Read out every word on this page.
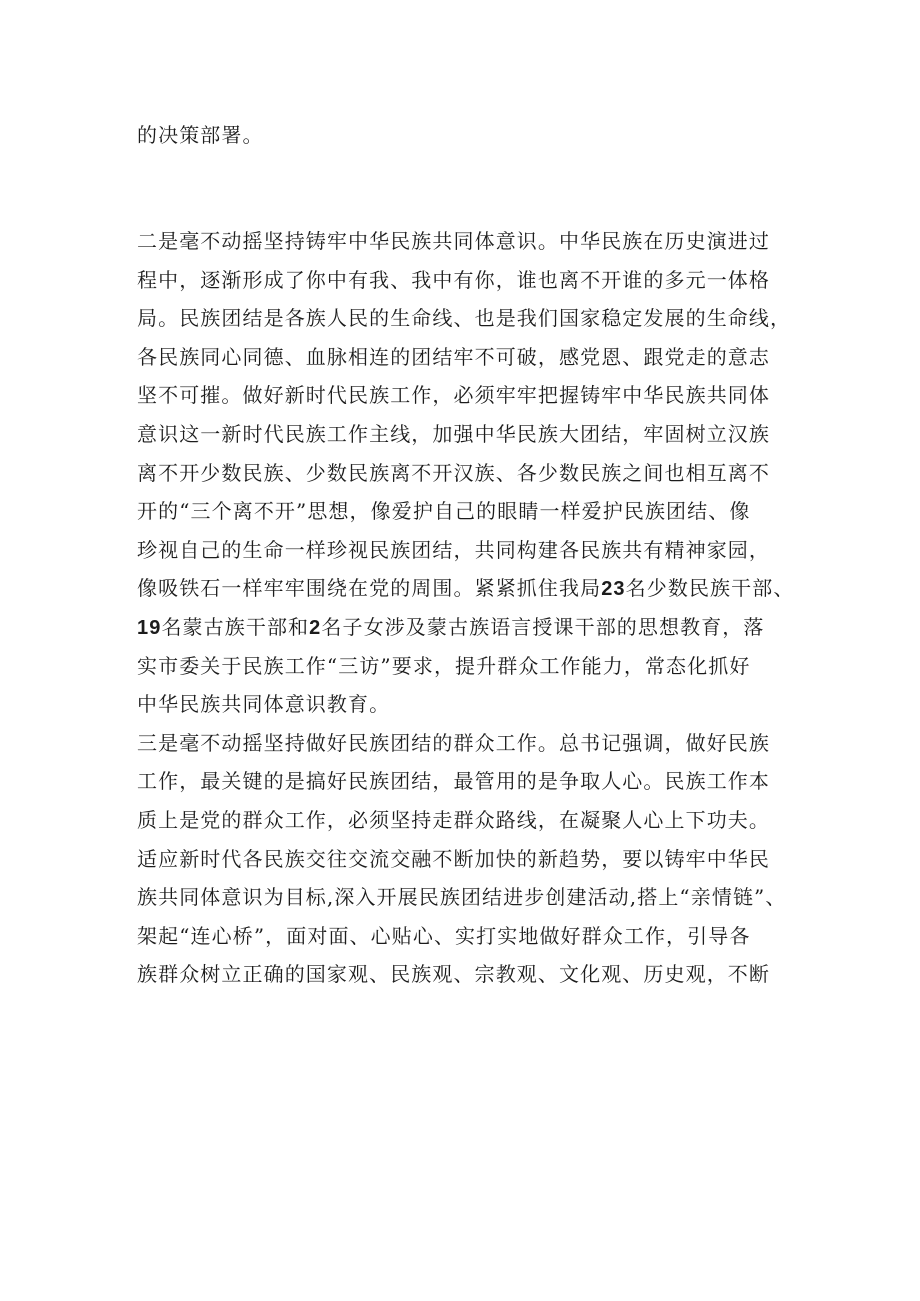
的决策部署。
二是毫不动摇坚持铸牢中华民族共同体意识。中华民族在历史演进过
程中，逐渐形成了你中有我、我中有你，谁也离不开谁的多元一体格
局。民族团结是各族人民的生命线、也是我们国家稳定发展的生命线，
各民族同心同德、血脉相连的团结牢不可破，感党恩、跟党走的意志
坚不可摧。做好新时代民族工作，必须牢牢把握铸牢中华民族共同体
意识这一新时代民族工作主线，加强中华民族大团结，牢固树立汉族
离不开少数民族、少数民族离不开汉族、各少数民族之间也相互离不
开的“三个离不开”思想，像爱护自己的眼睛一样爱护民族团结、像
珍视自己的生命一样珍视民族团结，共同构建各民族共有精神家园，
像吸铁石一样牢牢围绕在党的周围。紧紧抓住我局23名少数民族干部、
19名蒙古族干部和2名子女涉及蒙古族语言授课干部的思想教育，落
实市委关于民族工作“三访”要求，提升群众工作能力，常态化抓好
中华民族共同体意识教育。
三是毫不动摇坚持做好民族团结的群众工作。总书记强调，做好民族
工作，最关键的是搞好民族团结，最管用的是争取人心。民族工作本
质上是党的群众工作，必须坚持走群众路线，在凝聚人心上下功夫。
适应新时代各民族交往交流交融不断加快的新趋势，要以铸牢中华民
族共同体意识为目标,深入开展民族团结进步创建活动,搭上“亲情链”、
架起“连心桥”，面对面、心贴心、实打实地做好群众工作，引导各
族群众树立正确的国家观、民族观、宗教观、文化观、历史观，不断
